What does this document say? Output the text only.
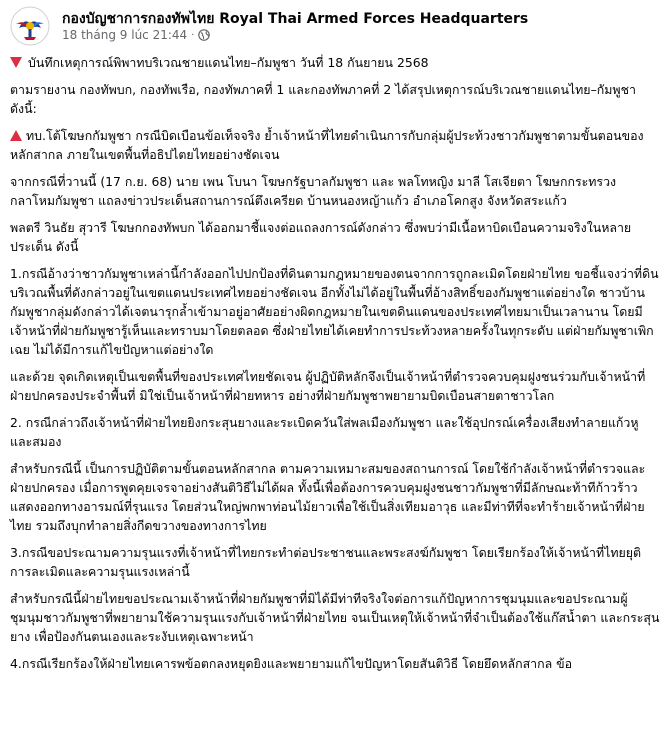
กองบัญชาการกองทัพไทย Royal Thai Armed Forces Headquarters
18 tháng 9 lúc 21:44 ·

บันทึกเหตุการณ์พิพาทบริเวณชายแดนไทย–กัมพูชา วันที่ 18 กันยายน 2568

ตามรายงาน กองทัพบก, กองทัพเรือ, กองทัพภาคที่ 1 และกองทัพภาคที่ 2 ได้สรุปเหตุการณ์บริเวณชายแดนไทย–กัมพูชา ดังนี้:

ทบ.โต้โฆษกกัมพูชา กรณีบิดเบือนข้อเท็จจริง ย้ำเจ้าหน้าที่ไทยดำเนินการกับกลุ่มผู้ประท้วงชาวกัมพูชาตามขั้นตอนของหลักสากล ภายในเขตพื้นที่อธิปไตยไทยอย่างชัดเจน

จากกรณีที่วานนี้ (17 ก.ย. 68) นาย เพน โบนา โฆษกรัฐบาลกัมพูชา และ พลโทหญิง มาลี โสเจียตา โฆษกกระทรวงกลาโหมกัมพูชา แถลงข่าวประเด็นสถานการณ์ตึงเครียด บ้านหนองหญ้าแก้ว อำเภอโคกสูง จังหวัดสระแก้ว

พลตรี วินธัย สุวารี โฆษกกองทัพบก ได้ออกมาชี้แจงต่อแถลงการณ์ดังกล่าว ซึ่งพบว่ามีเนื้อหาบิดเบือนความจริงในหลายประเด็น ดังนี้

1.กรณีอ้างว่าชาวกัมพูชาเหล่านี้กำลังออกไปปกป้องที่ดินตามกฎหมายของตนจากการถูกละเมิดโดยฝ่ายไทย ขอชี้แจงว่าที่ดินบริเวณพื้นที่ดังกล่าวอยู่ในเขตแดนประเทศไทยอย่างชัดเจน อีกทั้งไม่ได้อยู่ในพื้นที่อ้างสิทธิ์ของกัมพูชาแต่อย่างใด ชาวบ้านกัมพูชากลุ่มดังกล่าวได้เจตนารุกล้ำเข้ามาอยู่อาศัยอย่างผิดกฎหมายในเขตดินแดนของประเทศไทยมาเป็นเวลานาน โดยมีเจ้าหน้าที่ฝ่ายกัมพูชารู้เห็นและทราบมาโดยตลอด ซึ่งฝ่ายไทยได้เคยทำการประท้วงหลายครั้งในทุกระดับ แต่ฝ่ายกัมพูชาเพิกเฉย ไม่ได้มีการแก้ไขปัญหาแต่อย่างใด

และด้วย จุดเกิดเหตุเป็นเขตพื้นที่ของประเทศไทยชัดเจน ผู้ปฏิบัติหลักจึงเป็นเจ้าหน้าที่ตำรวจควบคุมฝูงชนร่วมกับเจ้าหน้าที่ฝ่ายปกครองประจำพื้นที่ มิใช่เป็นเจ้าหน้าที่ฝ่ายทหาร อย่างที่ฝ่ายกัมพูชาพยายามบิดเบือนสายตาชาวโลก

2. กรณีกล่าวถึงเจ้าหน้าที่ฝ่ายไทยยิงกระสุนยางและระเบิดควันใส่พลเมืองกัมพูชา และใช้อุปกรณ์เครื่องเสียงทำลายแก้วหูและสมอง

สำหรับกรณีนี้ เป็นการปฏิบัติตามขั้นตอนหลักสากล ตามความเหมาะสมของสถานการณ์ โดยใช้กำลังเจ้าหน้าที่ตำรวจและฝ่ายปกครอง เมื่อการพูดคุยเจรจาอย่างสันติวิธีไม่ได้ผล ทั้งนี้เพื่อต้องการควบคุมฝูงชนชาวกัมพูชาที่มีลักษณะท้าทีก้าวร้าว แสดงออกทางอารมณ์ที่รุนแรง โดยส่วนใหญ่พกพาท่อนไม้ยาวเพื่อใช้เป็นสิ่งเทียมอาวุธ และมีท่าทีที่จะทำร้ายเจ้าหน้าที่ฝ่ายไทย รวมถึงบุกทำลายสิ่งกีดขวางของทางการไทย

3.กรณีขอประณามความรุนแรงที่เจ้าหน้าที่ไทยกระทำต่อประชาชนและพระสงฆ์กัมพูชา โดยเรียกร้องให้เจ้าหน้าที่ไทยยุติการละเมิดและความรุนแรงเหล่านี้

สำหรับกรณีนี้ฝ่ายไทยขอประณามเจ้าหน้าที่ฝ่ายกัมพูชาที่มิได้มีท่าทีจริงใจต่อการแก้ปัญหาการชุมนุมและขอประณามผู้ชุมนุมชาวกัมพูชาที่พยายามใช้ความรุนแรงกับเจ้าหน้าที่ฝ่ายไทย จนเป็นเหตุให้เจ้าหน้าที่จำเป็นต้องใช้แก๊สน้ำตา และกระสุนยาง เพื่อป้องกันตนเองและระงับเหตุเฉพาะหน้า

4.กรณีเรียกร้องให้ฝ่ายไทยเคารพข้อตกลงหยุดยิงและพยายามแก้ไขปัญหาโดยสันติวิธี โดยยึดหลักสากล ข้อ
